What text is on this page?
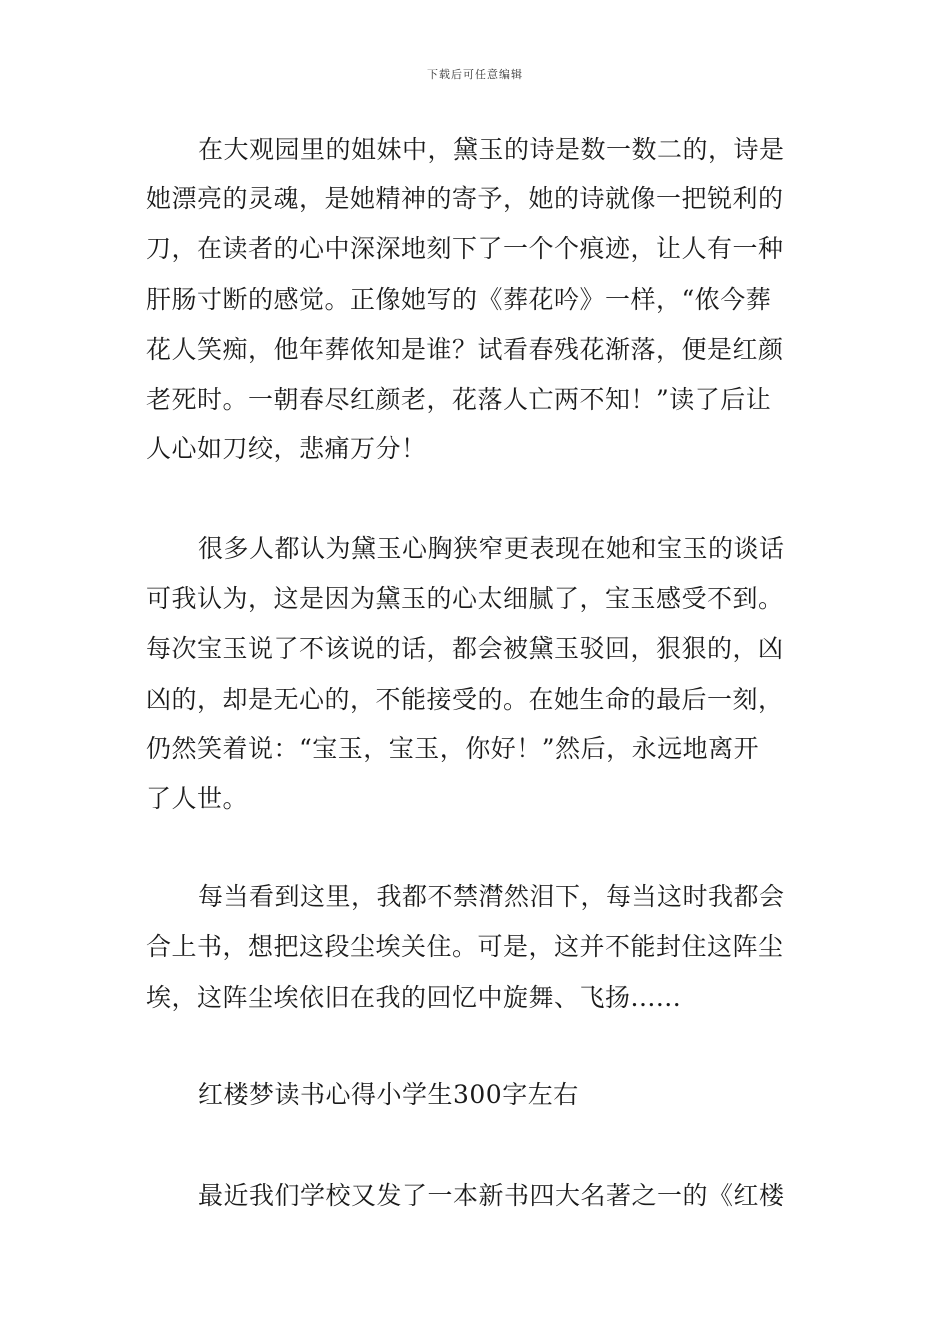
下载后可任意编辑
在大观园里的姐妹中，黛玉的诗是数一数二的，诗是
她漂亮的灵魂，是她精神的寄予，她的诗就像一把锐利的
刀，在读者的心中深深地刻下了一个个痕迹，让人有一种
肝肠寸断的感觉。正像她写的《葬花吟》一样，“侬今葬
花人笑痴，他年葬侬知是谁？试看春残花渐落，便是红颜
老死时。一朝春尽红颜老，花落人亡两不知！”读了后让
人心如刀绞，悲痛万分！
很多人都认为黛玉心胸狭窄更表现在她和宝玉的谈话
可我认为，这是因为黛玉的心太细腻了，宝玉感受不到。
每次宝玉说了不该说的话，都会被黛玉驳回，狠狠的，凶
凶的，却是无心的，不能接受的。在她生命的最后一刻，
仍然笑着说：“宝玉，宝玉，你好！”然后，永远地离开
了人世。
每当看到这里，我都不禁潸然泪下，每当这时我都会
合上书，想把这段尘埃关住。可是，这并不能封住这阵尘
埃，这阵尘埃依旧在我的回忆中旋舞、飞扬......
红楼梦读书心得小学生300字左右
最近我们学校又发了一本新书四大名著之一的《红楼
